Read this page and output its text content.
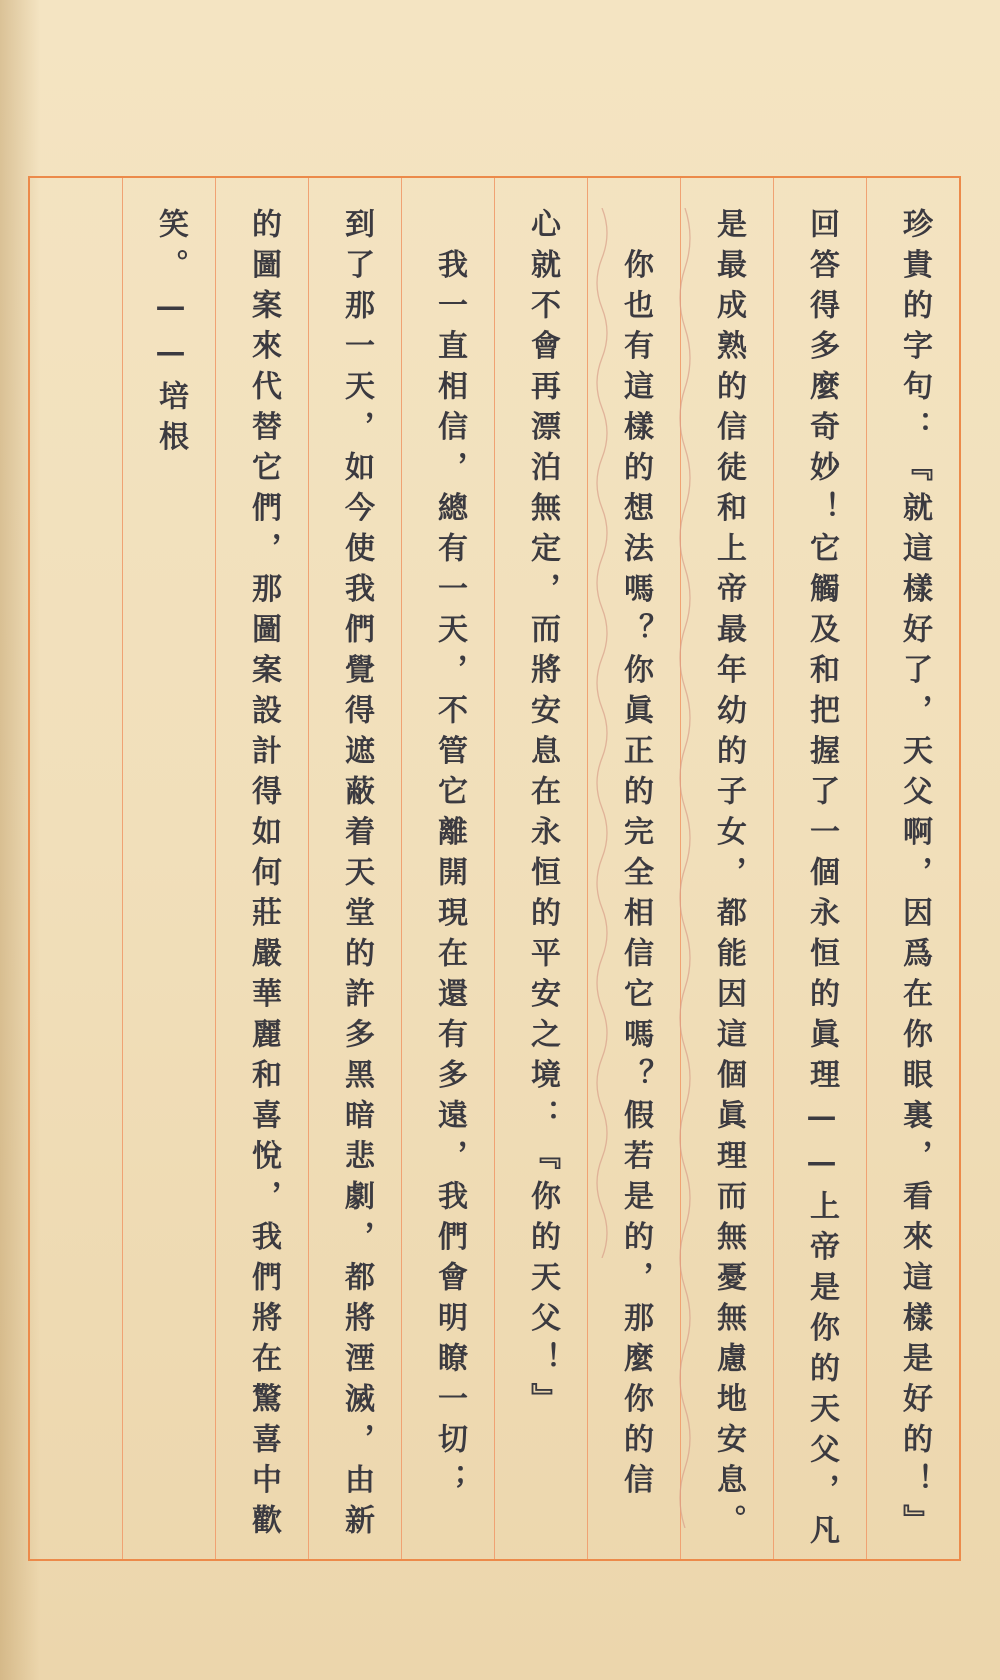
珍貴的字句：『就這樣好了，天父啊，因爲在你眼裏，看來這樣是好的！』
回答得多麼奇妙！它觸及和把握了一個永恒的眞理——上帝是你的天父，凡
是最成熟的信徒和上帝最年幼的子女，都能因這個眞理而無憂無慮地安息。
　你也有這樣的想法嗎？你眞正的完全相信它嗎？假若是的，那麼你的信
心就不會再漂泊無定，而將安息在永恒的平安之境：『你的天父！』
　我一直相信，總有一天，不管它離開現在還有多遠，我們會明瞭一切；
到了那一天，如今使我們覺得遮蔽着天堂的許多黑暗悲劇，都將湮滅，由新
的圖案來代替它們，那圖案設計得如何莊嚴華麗和喜悅，我們將在驚喜中歡
笑。——培根
